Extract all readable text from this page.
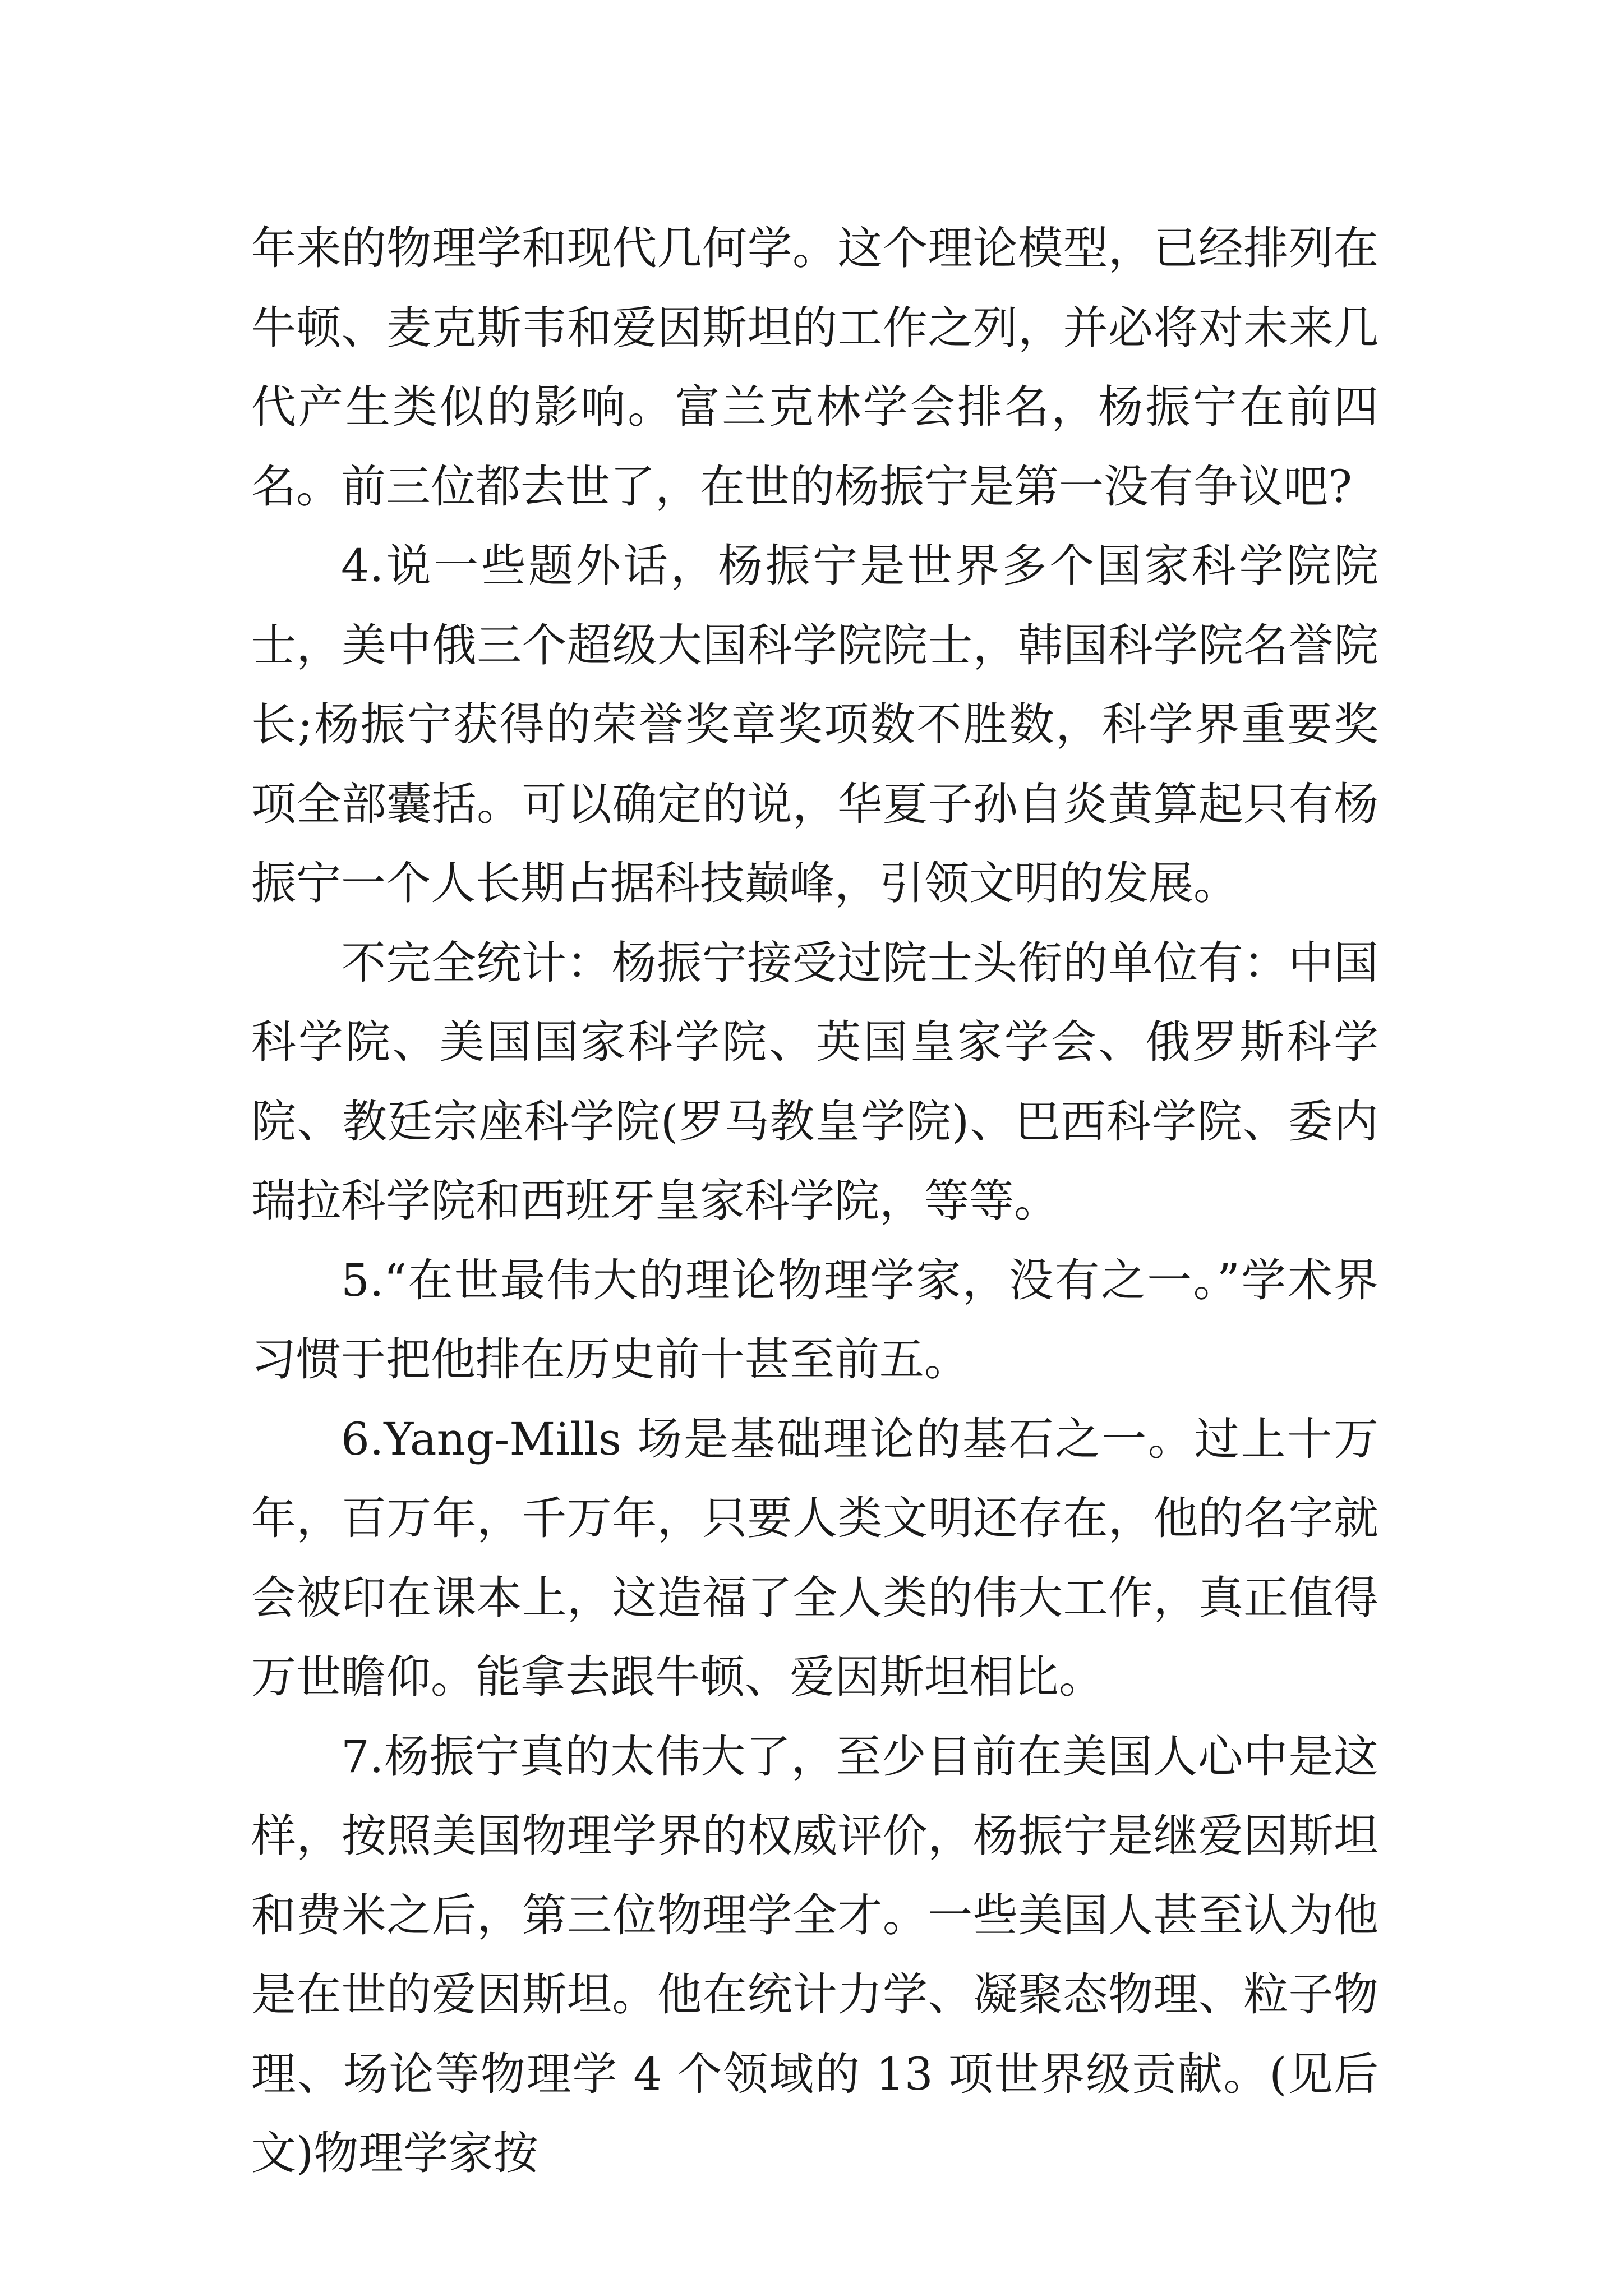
年来的物理学和现代几何学。这个理论模型，已经排列在牛顿、麦克斯韦和爱因斯坦的工作之列，并必将对未来几代产生类似的影响。富兰克林学会排名，杨振宁在前四名。前三位都去世了，在世的杨振宁是第一没有争议吧?

4.说一些题外话，杨振宁是世界多个国家科学院院士，美中俄三个超级大国科学院院士，韩国科学院名誉院长;杨振宁获得的荣誉奖章奖项数不胜数，科学界重要奖项全部囊括。可以确定的说，华夏子孙自炎黄算起只有杨振宁一个人长期占据科技巅峰，引领文明的发展。

不完全统计：杨振宁接受过院士头衔的单位有：中国科学院、美国国家科学院、英国皇家学会、俄罗斯科学院、教廷宗座科学院(罗马教皇学院)、巴西科学院、委内瑞拉科学院和西班牙皇家科学院，等等。

5.“在世最伟大的理论物理学家，没有之一。”学术界习惯于把他排在历史前十甚至前五。

6.Yang-Mills 场是基础理论的基石之一。过上十万年，百万年，千万年，只要人类文明还存在，他的名字就会被印在课本上，这造福了全人类的伟大工作，真正值得万世瞻仰。能拿去跟牛顿、爱因斯坦相比。

7.杨振宁真的太伟大了，至少目前在美国人心中是这样，按照美国物理学界的权威评价，杨振宁是继爱因斯坦和费米之后，第三位物理学全才。一些美国人甚至认为他是在世的爱因斯坦。他在统计力学、凝聚态物理、粒子物理、场论等物理学 4 个领域的 13 项世界级贡献。(见后文)物理学家按
